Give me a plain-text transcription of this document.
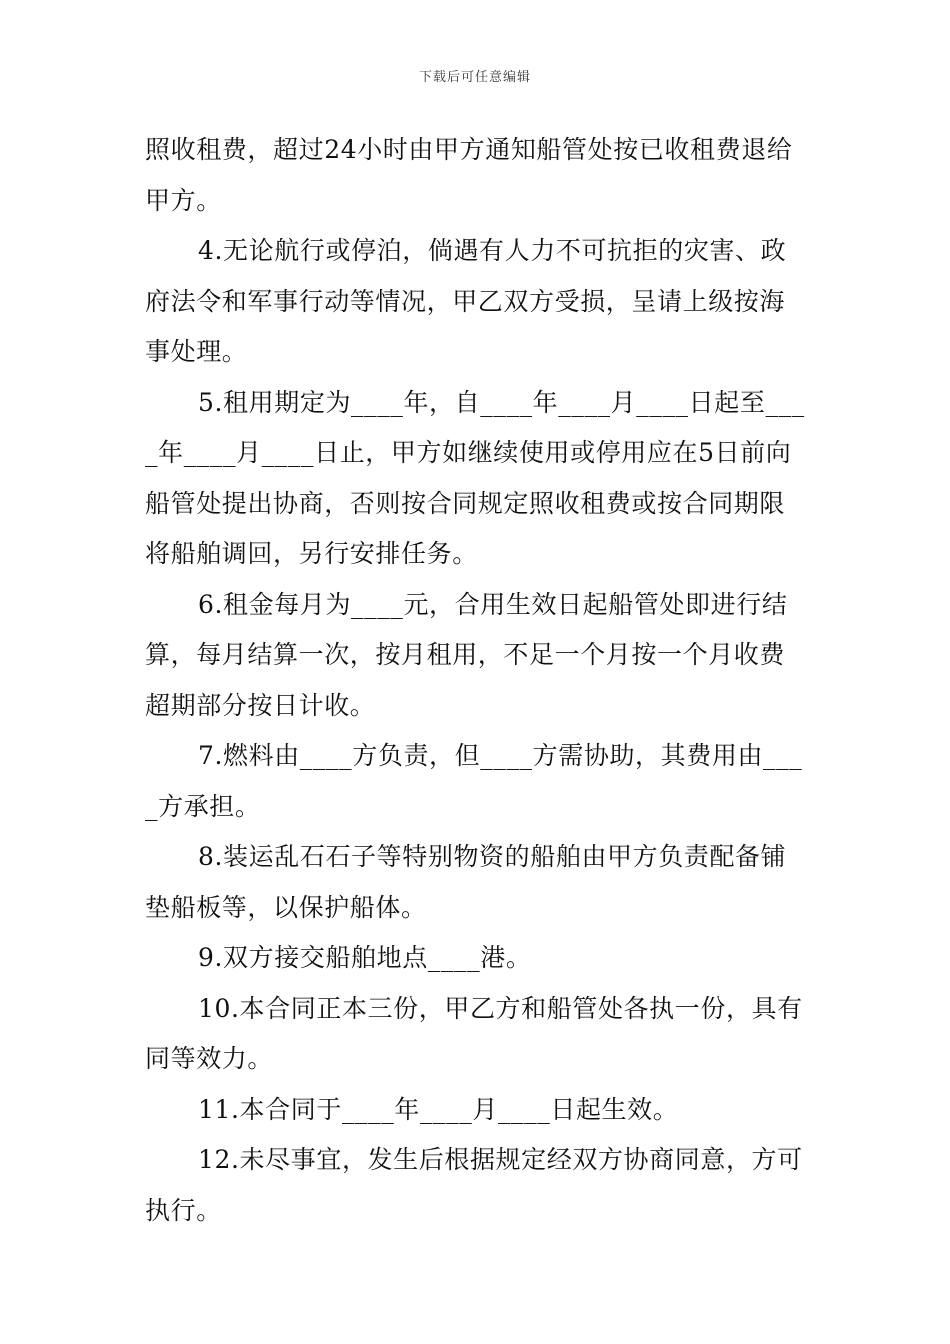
下载后可任意编辑
照收租费，超过24小时由甲方通知船管处按已收租费退给
甲方。
4.无论航行或停泊，倘遇有人力不可抗拒的灾害、政
府法令和军事行动等情况，甲乙双方受损，呈请上级按海
事处理。
5.租用期定为____年，自____年____月____日起至___
_年____月____日止，甲方如继续使用或停用应在5日前向
船管处提出协商，否则按合同规定照收租费或按合同期限
将船舶调回，另行安排任务。
6.租金每月为____元，合用生效日起船管处即进行结
算，每月结算一次，按月租用，不足一个月按一个月收费
超期部分按日计收。
7.燃料由____方负责，但____方需协助，其费用由___
_方承担。
8.装运乱石石子等特别物资的船舶由甲方负责配备铺
垫船板等，以保护船体。
9.双方接交船舶地点____港。
10.本合同正本三份，甲乙方和船管处各执一份，具有
同等效力。
11.本合同于____年____月____日起生效。
12.未尽事宜，发生后根据规定经双方协商同意，方可
执行。
